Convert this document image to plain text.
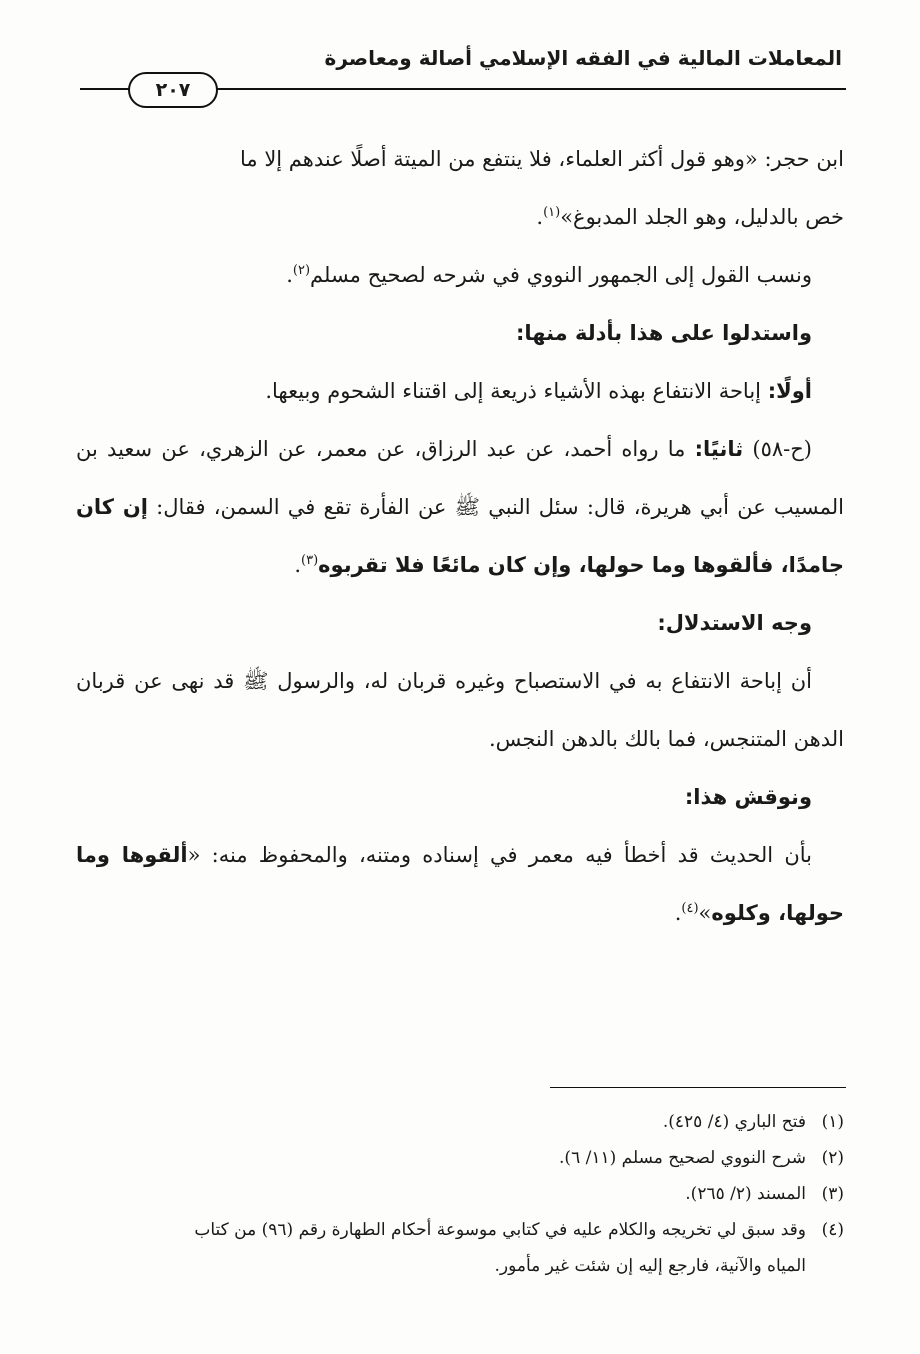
المعاملات المالية في الفقه الإسلامي أصالة ومعاصرة
٢٠٧

ابن حجر: «وهو قول أكثر العلماء، فلا ينتفع من الميتة أصلًا عندهم إلا ما
خص بالدليل، وهو الجلد المدبوغ»$^{(١)}$.

ونسب القول إلى الجمهور النووي في شرحه لصحيح مسلم$^{(٢)}$.

واستدلوا على هذا بأدلة منها:

أولًا: إباحة الانتفاع بهذه الأشياء ذريعة إلى اقتناء الشحوم وبيعها.

(ح-٥٨) ثانيًا: ما رواه أحمد، عن عبد الرزاق، عن معمر، عن الزهري، عن سعيد بن المسيب عن أبي هريرة، قال: سئل النبي ﷺ عن الفأرة تقع في السمن، فقال: إن كان جامدًا، فألقوها وما حولها، وإن كان مائعًا فلا تقربوه$^{(٣)}$.

وجه الاستدلال:

أن إباحة الانتفاع به في الاستصباح وغيره قربان له، والرسول ﷺ قد نهى عن قربان الدهن المتنجس، فما بالك بالدهن النجس.

ونوقش هذا:

بأن الحديث قد أخطأ فيه معمر في إسناده ومتنه، والمحفوظ منه: «ألقوها وما حولها، وكلوه»$^{(٤)}$.

(١)فتح الباري (٤/ ٤٢٥).

(٢)شرح النووي لصحيح مسلم (١١/ ٦).

(٣)المسند (٢/ ٢٦٥).

(٤)وقد سبق لي تخريجه والكلام عليه في كتابي موسوعة أحكام الطهارة رقم (٩٦) من كتاب

المياه والآنية، فارجع إليه إن شئت غير مأمور.
